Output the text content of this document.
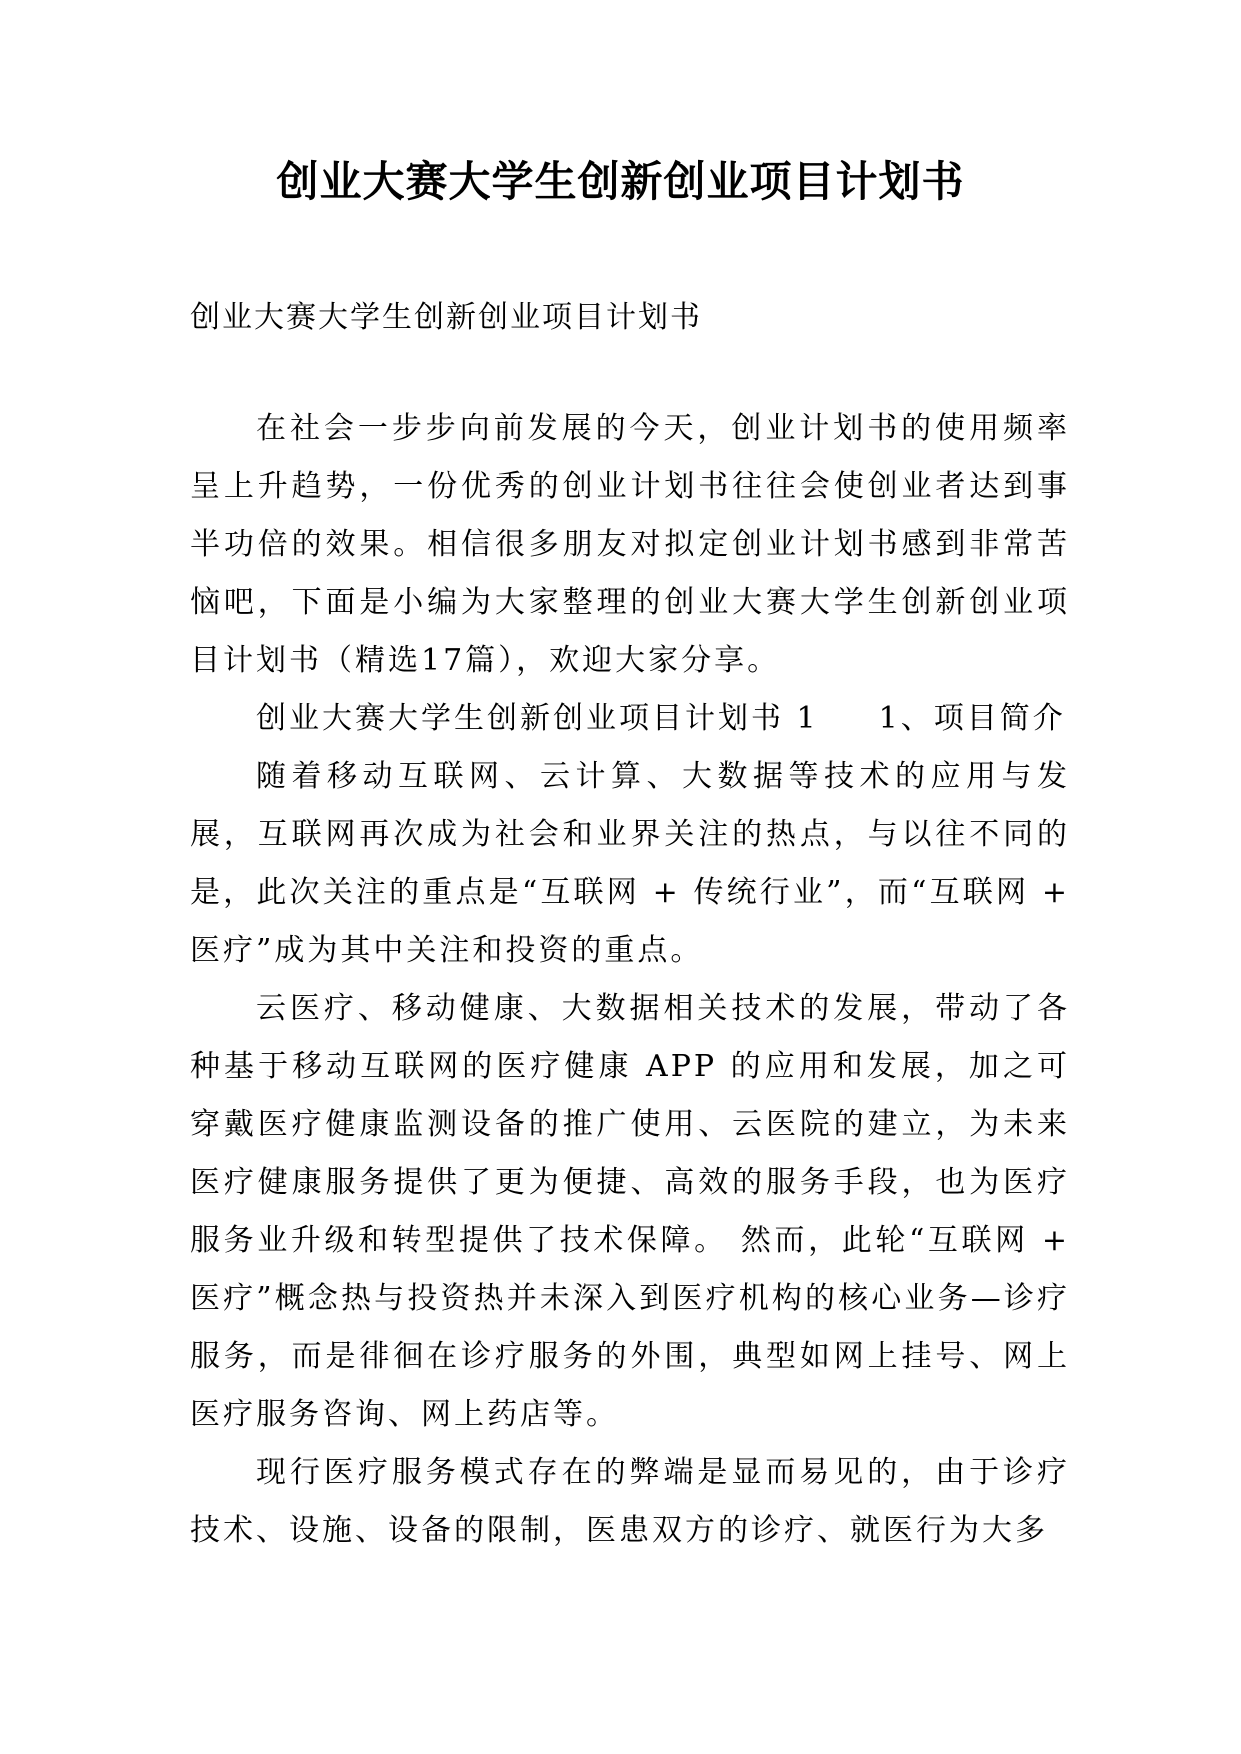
创业大赛大学生创新创业项目计划书
创业大赛大学生创新创业项目计划书

在社会一步步向前发展的今天，创业计划书的使用频率呈上升趋势，一份优秀的创业计划书往往会使创业者达到事半功倍的效果。相信很多朋友对拟定创业计划书感到非常苦恼吧，下面是小编为大家整理的创业大赛大学生创新创业项目计划书（精选17篇），欢迎大家分享。

创业大赛大学生创新创业项目计划书 1 1、项目简介

随着移动互联网、云计算、大数据等技术的应用与发展，互联网再次成为社会和业界关注的热点，与以往不同的是，此次关注的重点是“互联网 + 传统行业”，而“互联网 + 医疗”成为其中关注和投资的重点。

云医疗、移动健康、大数据相关技术的发展，带动了各种基于移动互联网的医疗健康 APP 的应用和发展，加之可穿戴医疗健康监测设备的推广使用、云医院的建立，为未来医疗健康服务提供了更为便捷、高效的服务手段，也为医疗服务业升级和转型提供了技术保障。 然而，此轮“互联网 + 医疗”概念热与投资热并未深入到医疗机构的核心业务—诊疗服务，而是徘徊在诊疗服务的外围，典型如网上挂号、网上医疗服务咨询、网上药店等。

现行医疗服务模式存在的弊端是显而易见的，由于诊疗技术、设施、设备的限制，医患双方的诊疗、就医行为大多
